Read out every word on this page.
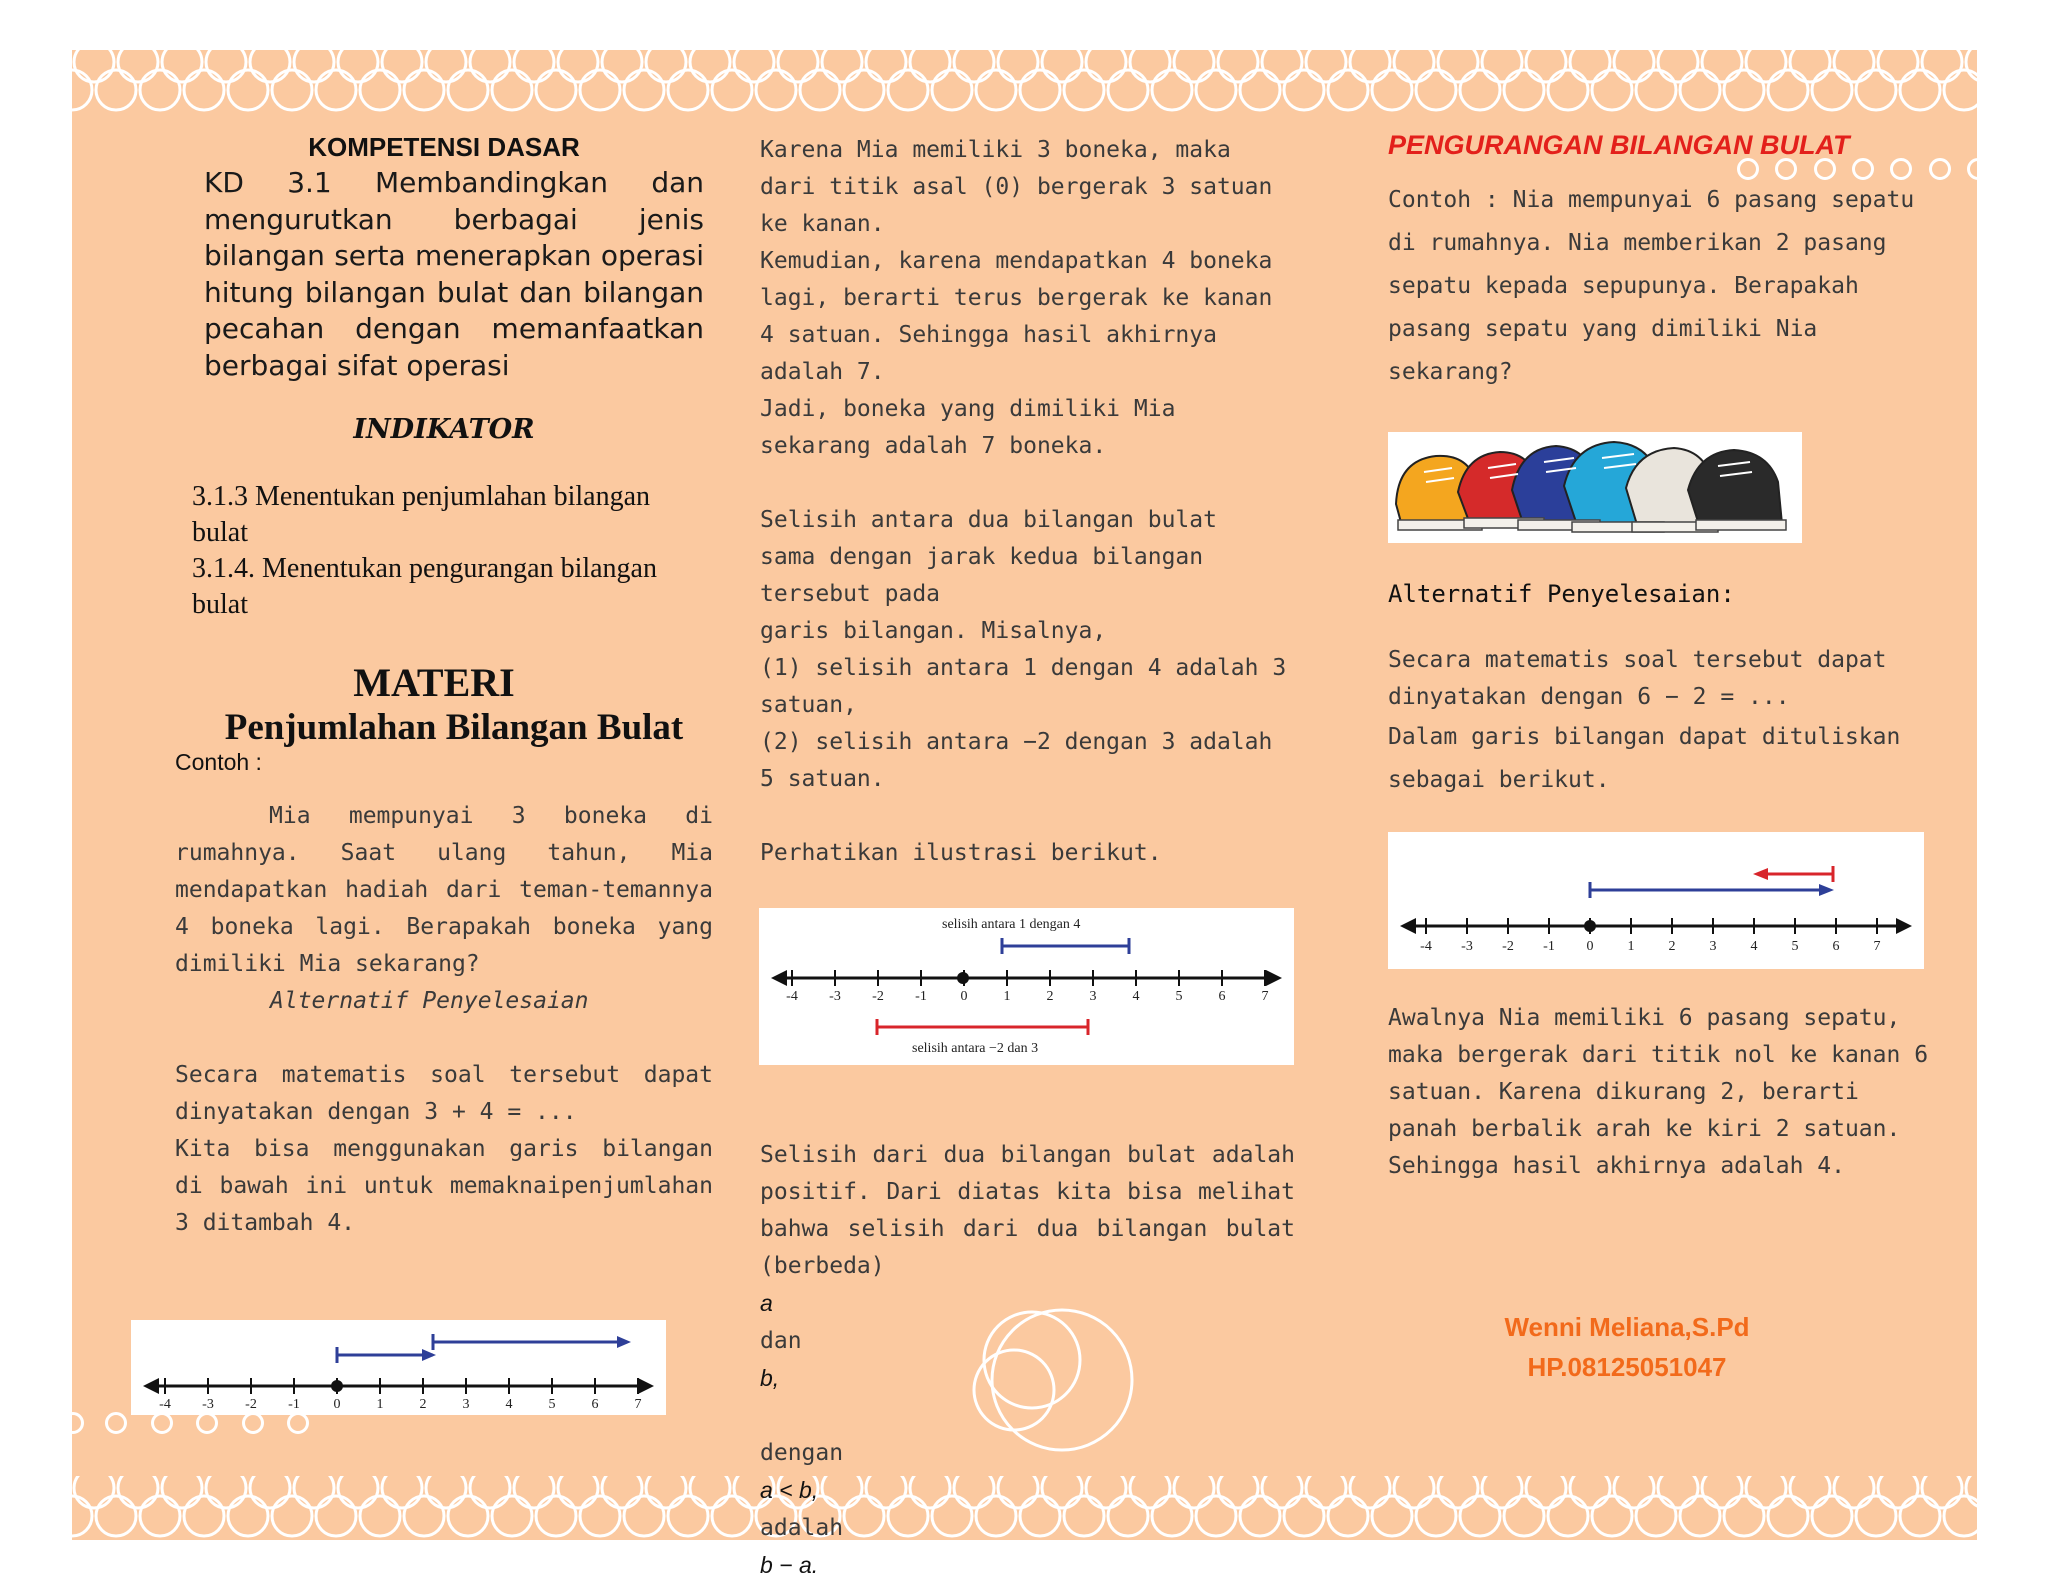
KOMPETENSI DASAR

KD 3.1 Membandingkan dan mengurutkan berbagai jenis bilangan serta menerapkan operasi hitung bilangan bulat dan bilangan pecahan dengan memanfaatkan berbagai sifat operasi

INDIKATOR
3.1.3 Menentukan penjumlahan bilangan bulat
3.1.4. Menentukan pengurangan bilangan bulat
MATERI
Penjumlahan Bilangan Bulat
Contoh :

Mia mempunyai 3 boneka di rumahnya. Saat ulang tahun, Mia mendapatkan hadiah dari teman-temannya 4 boneka lagi. Berapakah boneka yang dimiliki Mia sekarang?

Alternatif Penyelesaian

Secara matematis soal tersebut dapat dinyatakan dengan 3 + 4 = ...

Kita bisa menggunakan garis bilangan di bawah ini untuk memaknaipenjumlahan 3 ditambah 4.

-4 -3 -2 -1 0	1	2	3	4	5	6	7

Karena Mia memiliki 3 boneka, maka dari titik asal (0) bergerak 3 satuan ke kanan.

Kemudian, karena mendapatkan 4 boneka lagi, berarti terus bergerak ke kanan 4 satuan. Sehingga hasil akhirnya adalah 7.

Jadi, boneka yang dimiliki Mia sekarang adalah 7 boneka.

Selisih antara dua bilangan bulat sama dengan jarak kedua bilangan tersebut pada

garis bilangan. Misalnya,

(1) selisih antara 1 dengan 4 adalah 3 satuan,

(2) selisih antara −2 dengan 3 adalah 5 satuan.

Perhatikan ilustrasi berikut.

selisih antara 1 dengan 4
-4 -3 -2 -1 0	1	2	3	4	5	6	7
selisih antara −2 dan 3

Selisih dari dua bilangan bulat adalah positif. Dari diatas kita bisa melihat bahwa selisih dari dua bilangan bulat (berbeda)
a
dan
b,

dengan
a < b,
adalah
b − a.

PENGURANGAN BILANGAN BULAT

Contoh : Nia mempunyai 6 pasang sepatu di rumahnya. Nia memberikan 2 pasang sepatu kepada sepupunya. Berapakah pasang sepatu yang dimiliki Nia sekarang?

Alternatif Penyelesaian:

Secara matematis soal tersebut dapat dinyatakan dengan 6 − 2 = ...

Dalam garis bilangan dapat dituliskan sebagai berikut.

-4 -3 -2 -1 0 1 2 3 4 5 6 7

Awalnya Nia memiliki 6 pasang sepatu, maka bergerak dari titik nol ke kanan 6 satuan. Karena dikurang 2, berarti panah berbalik arah ke kiri 2 satuan. Sehingga hasil akhirnya adalah 4.

Wenni Meliana,S.Pd
HP.08125051047
